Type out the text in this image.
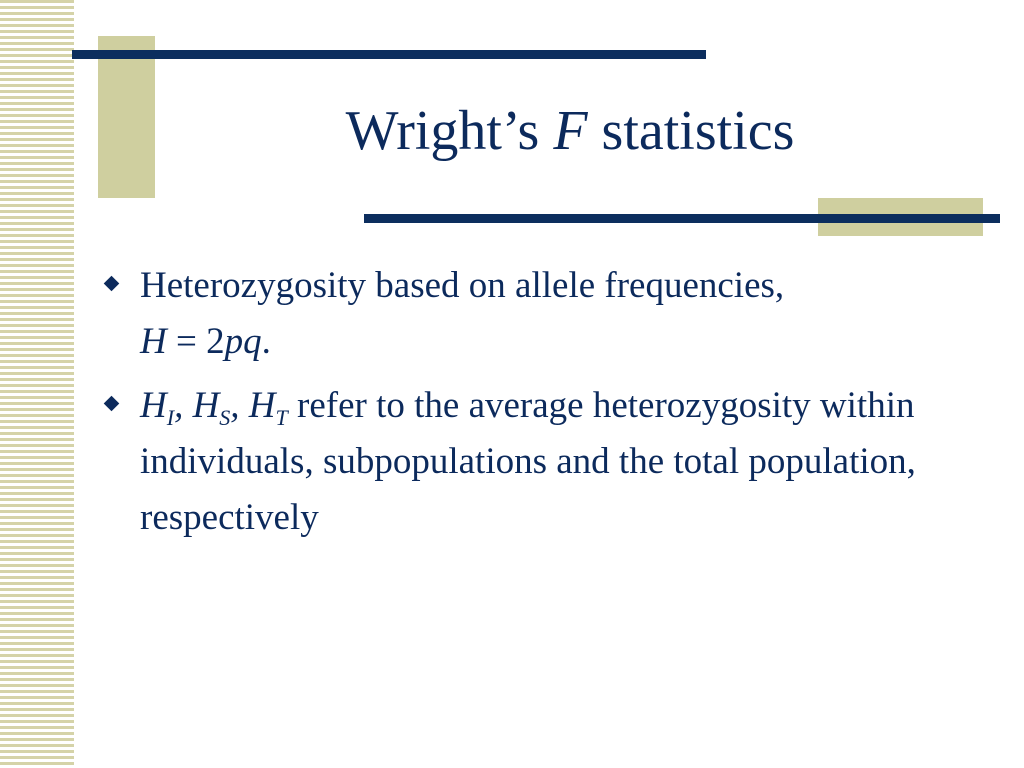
Wright’s F statistics
Heterozygosity based on allele frequencies,
H = 2pq.
$H_I$, $H_S$, $H_T$ refer to the average heterozygosity within individuals, subpopulations and the total population, respectively
